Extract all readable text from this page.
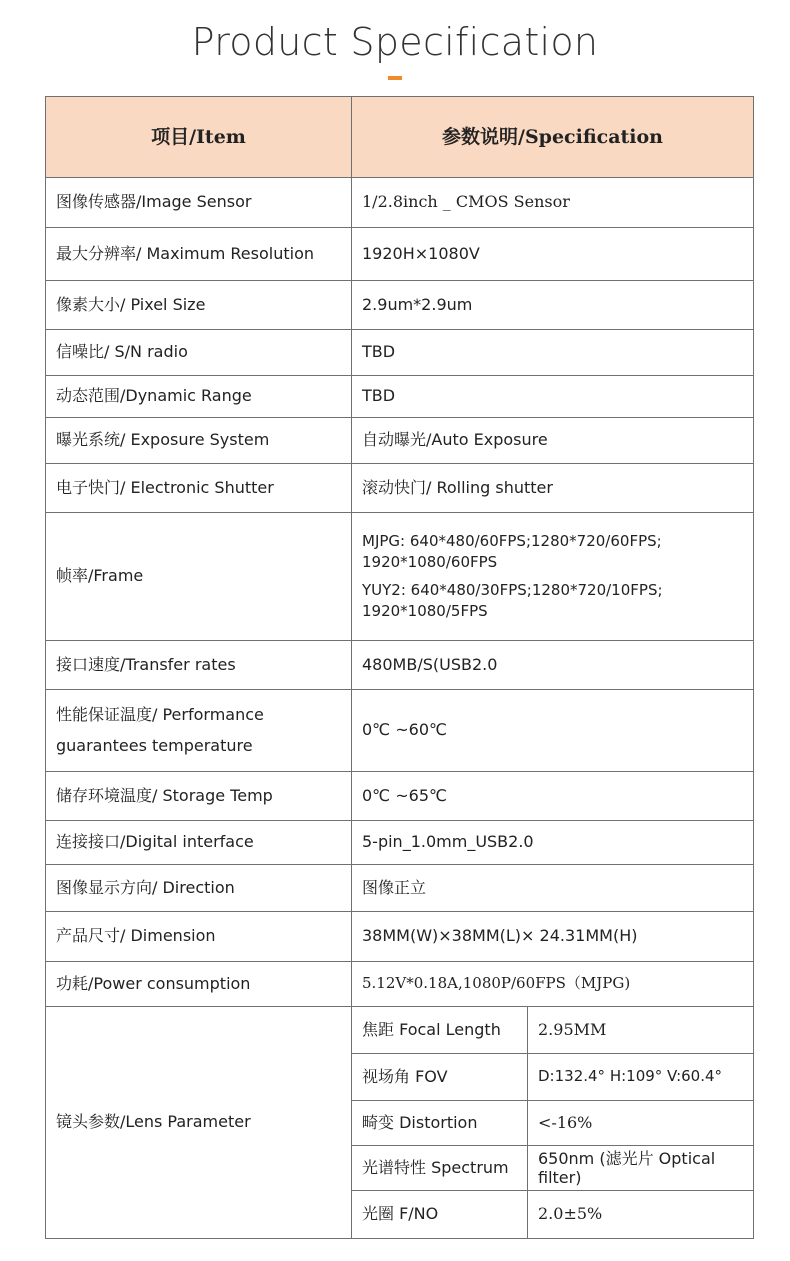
Product Specification
项目/Item	参数说明/Specification	
图像传感器/Image Sensor	1/2.8inch _ CMOS Sensor	
最大分辨率/ Maximum Resolution	1920H×1080V	
像素大小/ Pixel Size	2.9um*2.9um	
信噪比/ S/N radio	TBD	
动态范围/Dynamic Range	TBD	
曝光系统/ Exposure System	自动曝光/Auto Exposure	
电子快门/ Electronic Shutter	滚动快门/ Rolling shutter	
帧率/Frame	MJPG: 640*480/60FPS;1280*720/60FPS;
1920*1080/60FPS
YUY2: 640*480/30FPS;1280*720/10FPS;
1920*1080/5FPS	

接口速度/Transfer rates	480MB/S(USB2.0	
性能保证温度/ Performance guarantees temperature	0℃ ~60℃	
储存环境温度/ Storage Temp	0℃ ~65℃	
连接接口/Digital interface	5-pin_1.0mm_USB2.0	
图像显示方向/ Direction	图像正立	
产品尺寸/ Dimension	38MM(W)×38MM(L)× 24.31MM(H)	
功耗/Power consumption	5.12V*0.18A,1080P/60FPS（MJPG)	
镜头参数/Lens Parameter	焦距 Focal Length	2.95MM
	视场角 FOV	D:132.4° H:109° V:60.4°
	畸变 Distortion	<-16%
	光谱特性 Spectrum	650nm (滤光片 Optical filter)
	光圈 F/NO	2.0±5%
